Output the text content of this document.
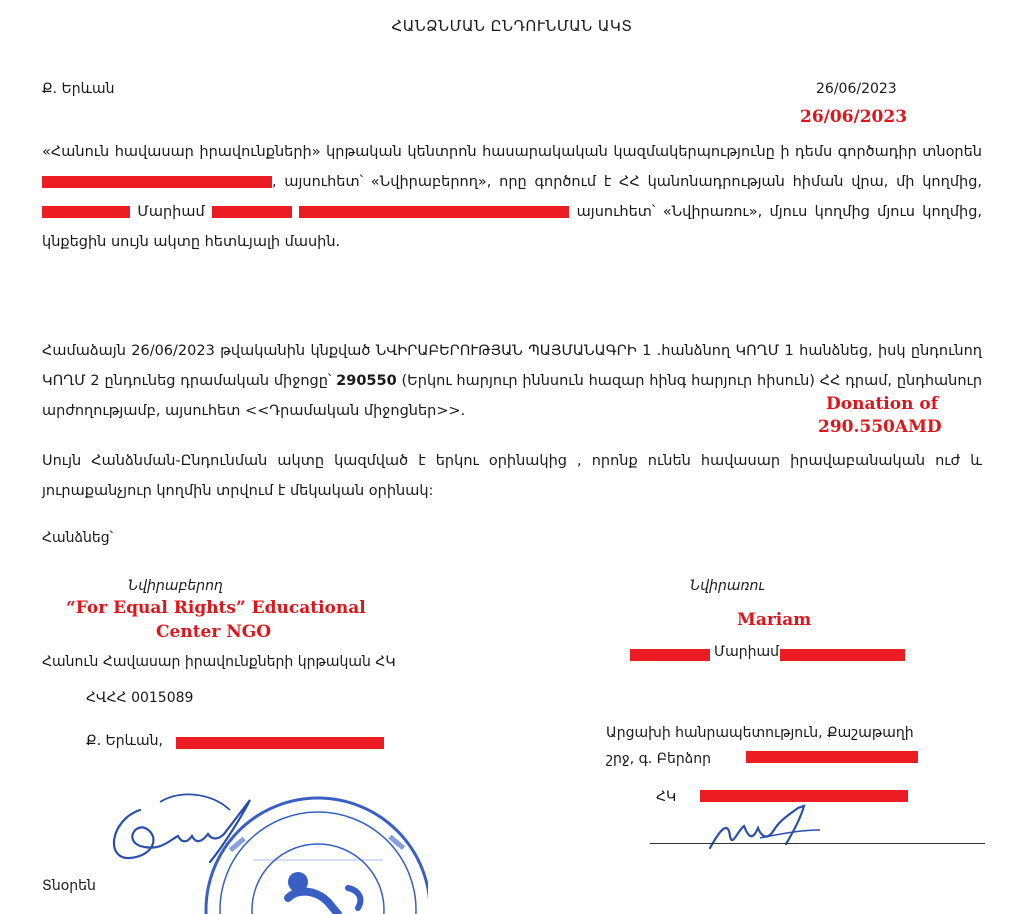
ՀԱՆՁՆՄԱՆ ԸՆԴՈՒՆՄԱՆ ԱԿՏ
Ք. Երևան	26/06/2023
26/06/2023
«Հանուն հավասար իրավունքների» կրթական կենտրոն հասարակական կազմակերպությունը ի դեմս գործադիր տնօրեն , այսուհետ՝ «Նվիրաբերող», որը գործում է ՀՀ կանոնադրության հիման վրա, մի կողմից,  Մարիամ	այսուհետ՝ «Նվիրառու», մյուս կողմից մյուս կողմից, կնքեցին սույն ակտը հետևյալի մասին.
Համաձայն 26/06/2023 թվականին կնքված ՆՎԻՐԱԲԵՐՈՒԹՅԱՆ ՊԱՅՄԱՆԱԳՐԻ 1 .հանձնող ԿՈՂՄ 1 հանձնեց, իսկ ընդունող ԿՈՂՄ 2 ընդունեց դրամական միջոցը՝ 290550 (Երկու հարյուր իննսուն հազար հինգ հարյուր հիսուն) ՀՀ դրամ, ընդհանուր արժողությամբ, այսուհետ <<Դրամական միջոցներ>>.	Donation of
290.550AMD
Սույն Հանձնման-Ընդունման ակտը կազմված է երկու օրինակից , որոնք ունեն հավասար իրավաբանական ուժ և յուրաքանչյուր կողմին տրվում է մեկական օրինակ:
Հանձնեց՝
Նվիրաբերող
“For Equal Rights” Educational
Center NGO
Հանուն Հավասար իրավունքների կրթական ՀԿ
ՀՎՀՀ 0015089
Ք. Երևան,
Տնօրեն
Նվիրառու
Mariam
Մարիամ
Արցախի հանրապետություն, Քաշաթաղի
շրջ, գ. Բերձոր
ՀԿ
